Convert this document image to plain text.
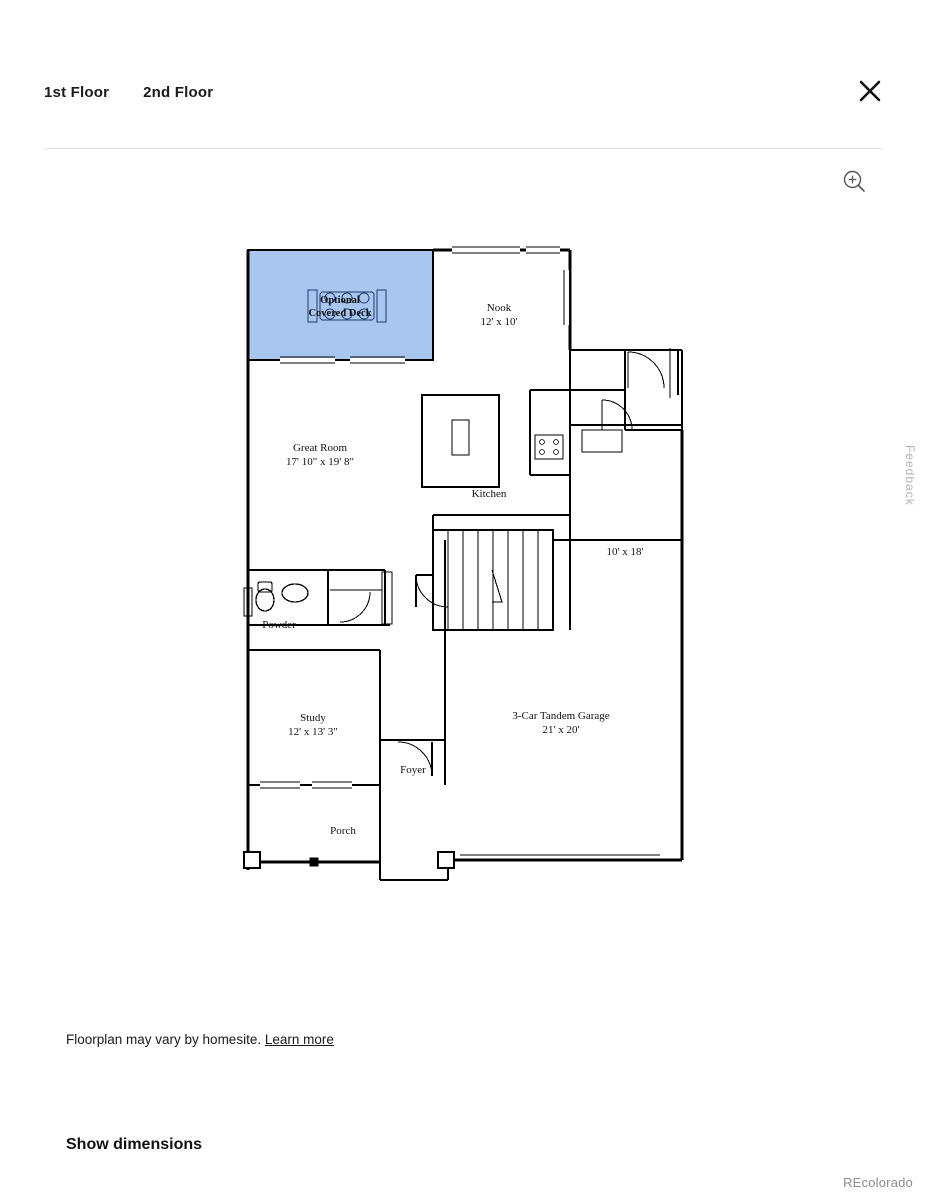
1st Floor 2nd Floor
Feedback
Optional
Covered Deck	Nook
12' x 10'
Great Room
17' 10" x 19' 8"
Kitchen
10' x 18'
Powder
Study
12' x 13' 3"
Foyer
3-Car Tandem Garage
21' x 20'
Porch
Floorplan may vary by homesite. Learn more
Show dimensions
REcolorado
